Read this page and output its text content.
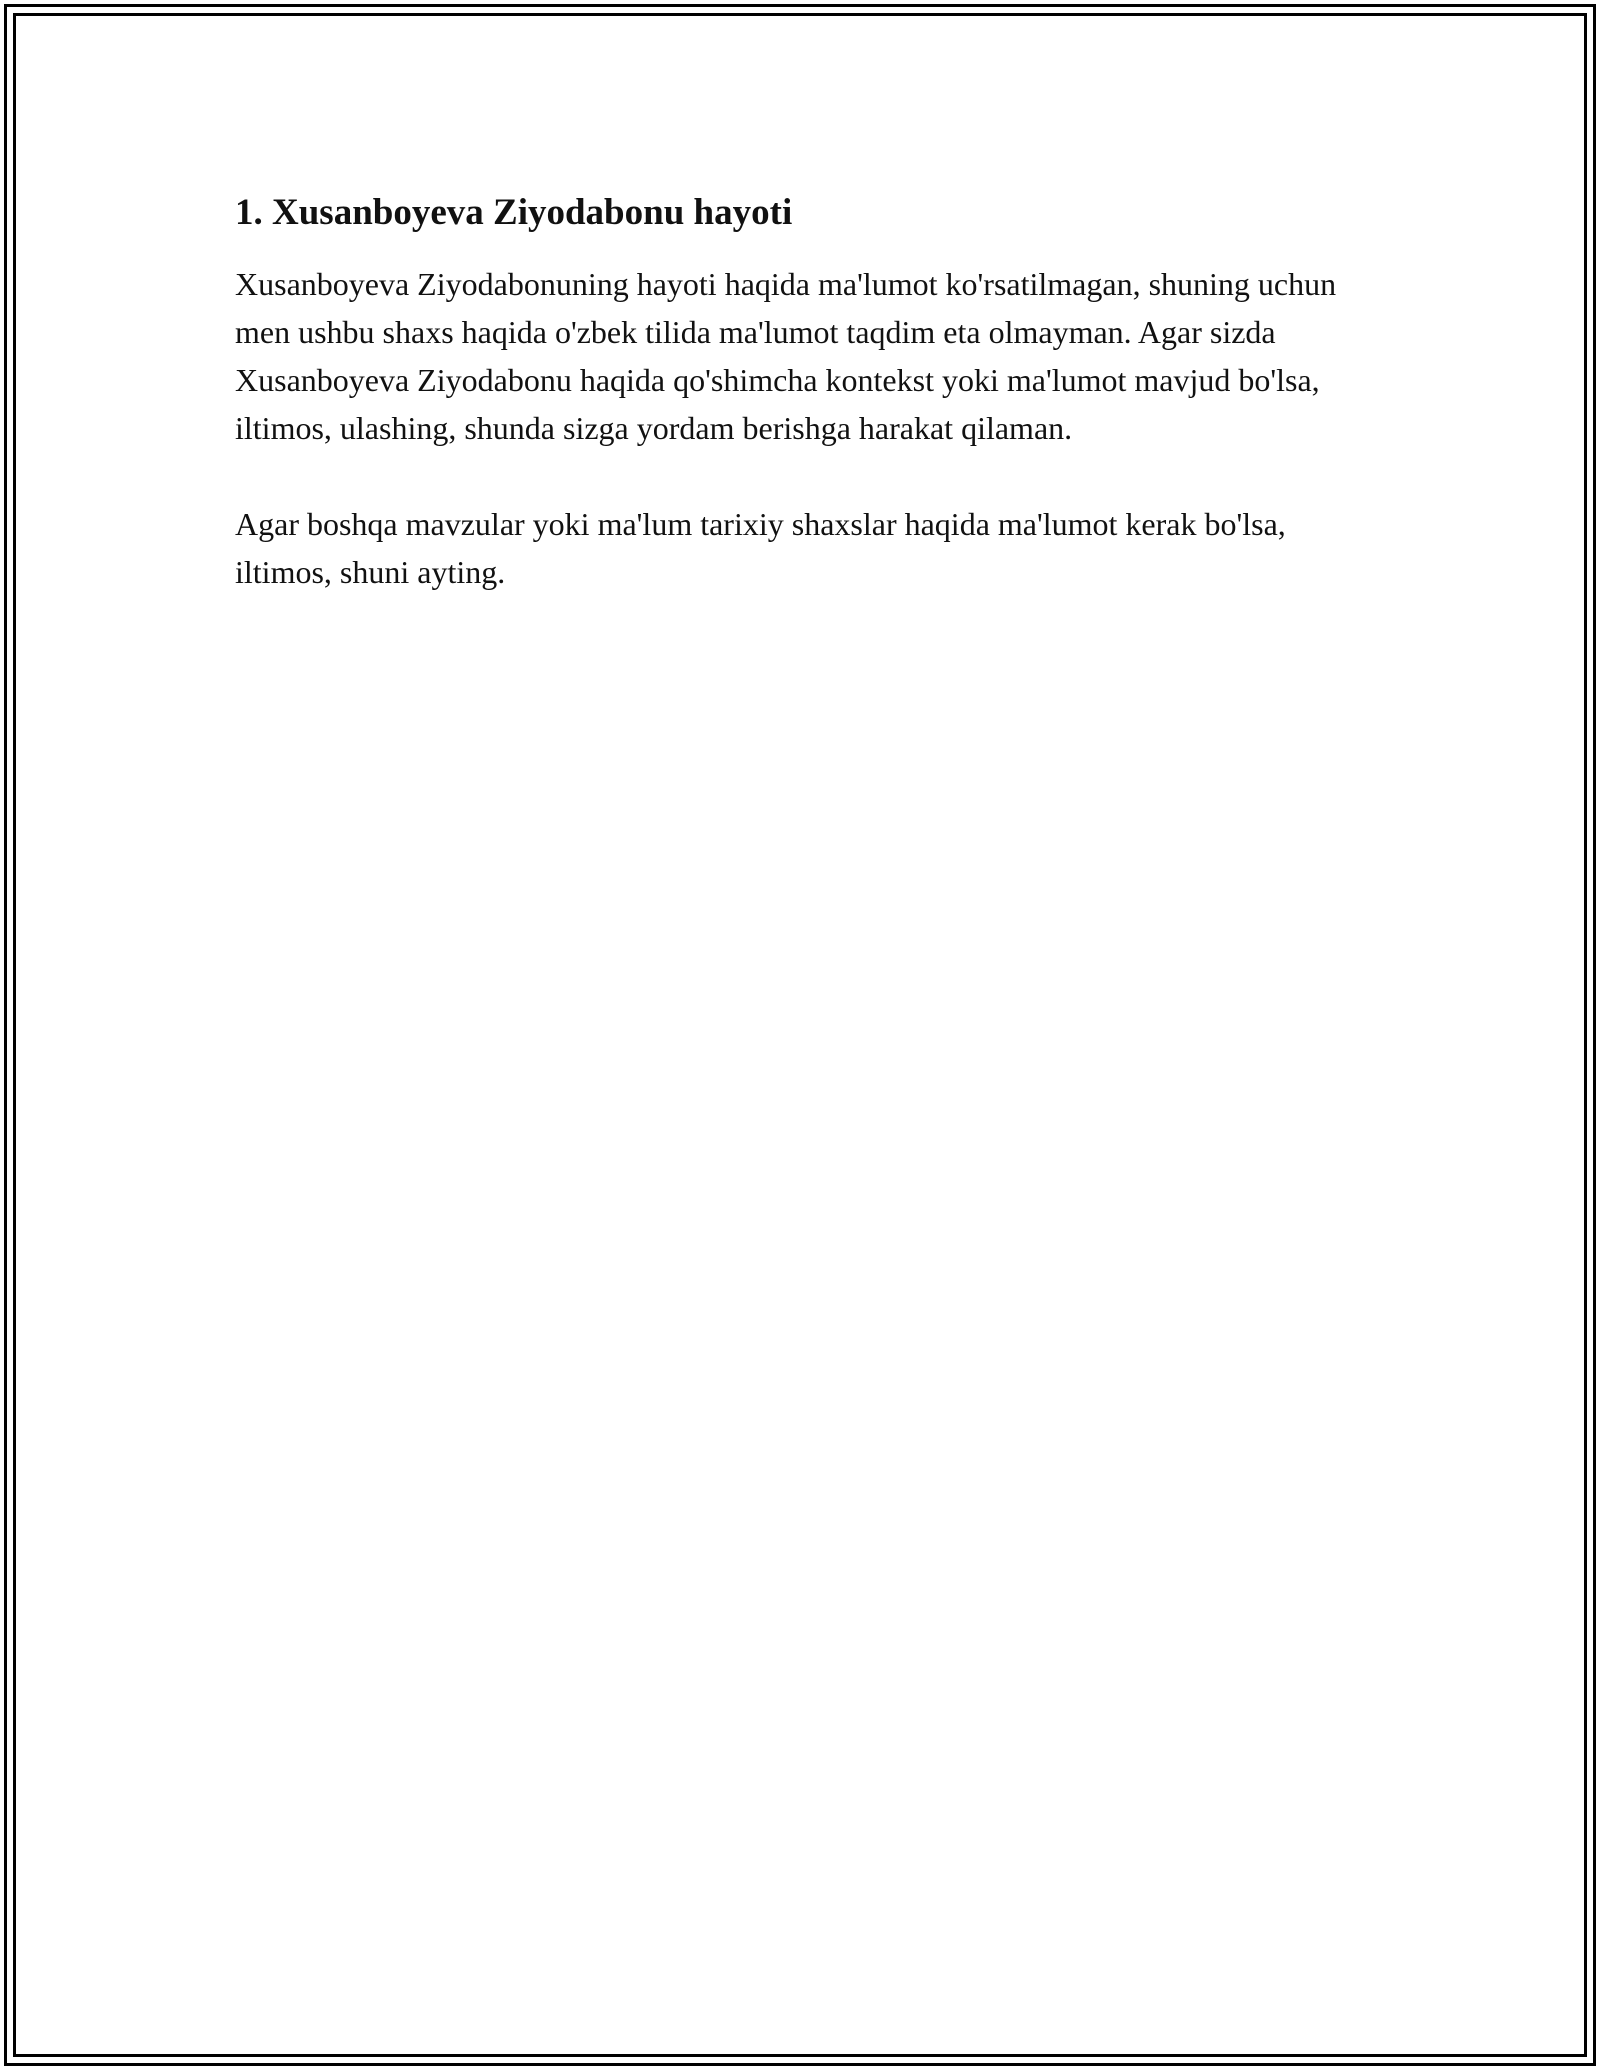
1. Xusanboyeva Ziyodabonu hayoti

Xusanboyeva Ziyodabonuning hayoti haqida ma'lumot ko'rsatilmagan, shuning uchun men ushbu shaxs haqida o'zbek tilida ma'lumot taqdim eta olmayman. Agar sizda Xusanboyeva Ziyodabonu haqida qo'shimcha kontekst yoki ma'lumot mavjud bo'lsa, iltimos, ulashing, shunda sizga yordam berishga harakat qilaman.

Agar boshqa mavzular yoki ma'lum tarixiy shaxslar haqida ma'lumot kerak bo'lsa, iltimos, shuni ayting.
